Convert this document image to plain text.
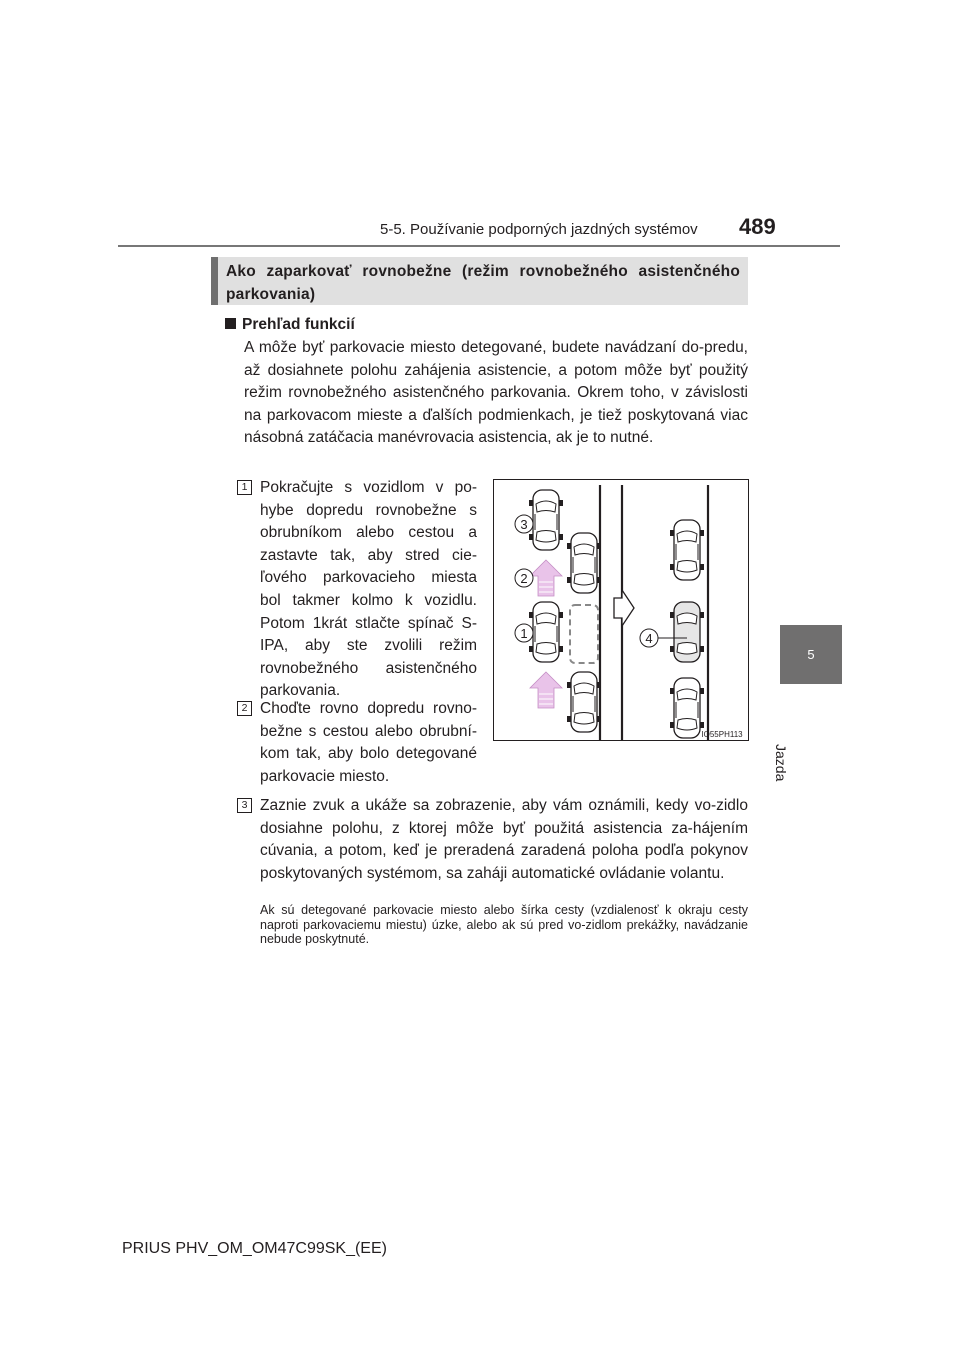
5-5. Používanie podporných jazdných systémov 489
5
Jazda
Ako zaparkovať rovnobežne (režim rovnobežného asistenčného parkovania)
Prehľad funkcií
A môže byť parkovacie miesto detegované, budete navádzaní do-predu, až dosiahnete polohu zahájenia asistencie, a potom môže byť použitý režim rovnobežného asistenčného parkovania. Okrem toho, v závislosti na parkovacom mieste a ďalších podmienkach, je tiež poskytovaná viac násobná zatáčacia manévrovacia asistencia, ak je to nutné.
1 Pokračujte s vozidlom v po-hybe dopredu rovnobežne s obrubníkom alebo cestou a zastavte tak, aby stred cie-ľového parkovacieho miesta bol takmer kolmo k vozidlu. Potom 1krát stlačte spínač S-IPA, aby ste zvolili režim rovnobežného asistenčného parkovania.
2 Choďte rovno dopredu rovno-bežne s cestou alebo obrubní-kom tak, aby bolo detegované parkovacie miesto.
3 Zaznie zvuk a ukáže sa zobrazenie, aby vám oznámili, kedy vo-zidlo dosiahne polohu, z ktorej môže byť použitá asistencia za-hájením cúvania, a potom, keď je preradená zaradená poloha podľa pokynov poskytovaných systémom, sa zaháji automatické ovládanie volantu.
Ak sú detegované parkovacie miesto alebo šírka cesty (vzdialenosť k okraju cesty naproti parkovaciemu miestu) úzke, alebo ak sú pred vo-zidlom prekážky, navádzanie nebude poskytnuté.
3
2
1	4
IO55PH113
PRIUS PHV_OM_OM47C99SK_(EE)
